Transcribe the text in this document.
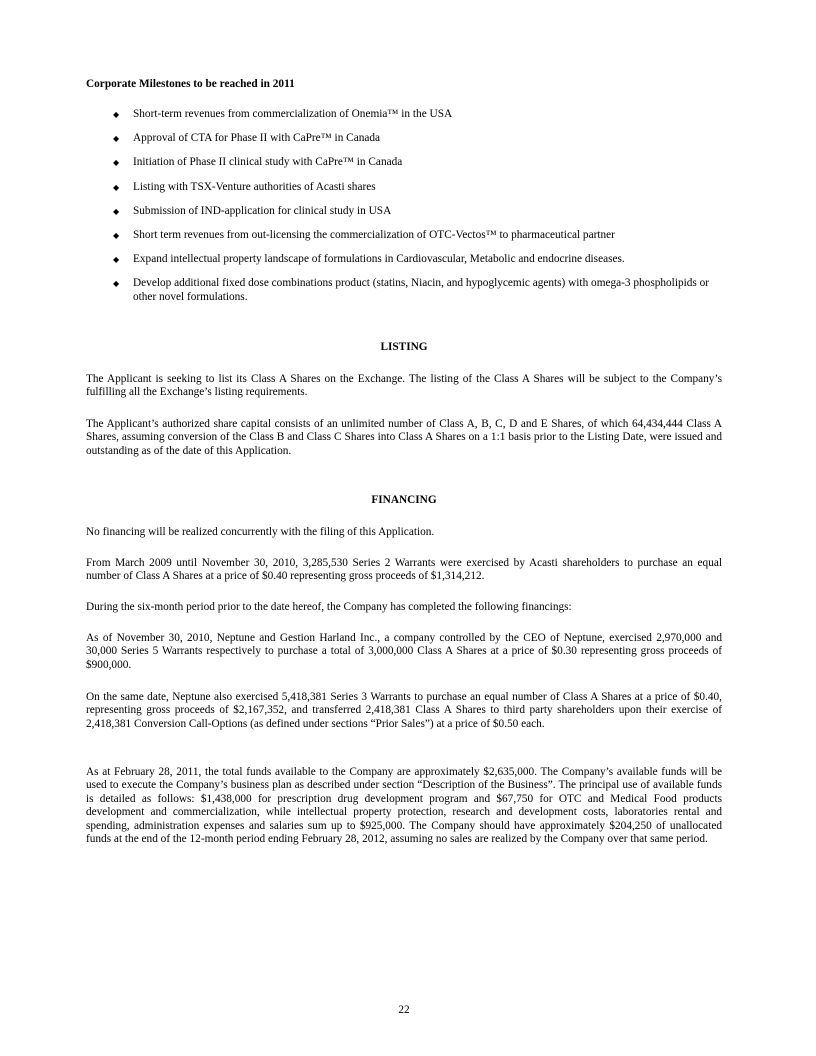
Corporate Milestones to be reached in 2011
◆ Short-term revenues from commercialization of Onemia™ in the USA
◆ Approval of CTA for Phase II with CaPre™ in Canada
◆ Initiation of Phase II clinical study with CaPre™ in Canada
◆ Listing with TSX-Venture authorities of Acasti shares
◆ Submission of IND-application for clinical study in USA
◆ Short term revenues from out-licensing the commercialization of OTC-Vectos™ to pharmaceutical partner
◆ Expand intellectual property landscape of formulations in Cardiovascular, Metabolic and endocrine diseases.
◆ Develop additional fixed dose combinations product (statins, Niacin, and hypoglycemic agents) with omega-3 phospholipids or other novel formulations.
LISTING

The Applicant is seeking to list its Class A Shares on the Exchange. The listing of the Class A Shares will be subject to the Company’s fulfilling all the Exchange’s listing requirements.

The Applicant’s authorized share capital consists of an unlimited number of Class A, B, C, D and E Shares, of which 64,434,444 Class A Shares, assuming conversion of the Class B and Class C Shares into Class A Shares on a 1:1 basis prior to the Listing Date, were issued and outstanding as of the date of this Application.

FINANCING

No financing will be realized concurrently with the filing of this Application.

From March 2009 until November 30, 2010, 3,285,530 Series 2 Warrants were exercised by Acasti shareholders to purchase an equal number of Class A Shares at a price of $0.40 representing gross proceeds of $1,314,212.

During the six-month period prior to the date hereof, the Company has completed the following financings:

As of November 30, 2010, Neptune and Gestion Harland Inc., a company controlled by the CEO of Neptune, exercised 2,970,000 and 30,000 Series 5 Warrants respectively to purchase a total of 3,000,000 Class A Shares at a price of $0.30 representing gross proceeds of $900,000.

On the same date, Neptune also exercised 5,418,381 Series 3 Warrants to purchase an equal number of Class A Shares at a price of $0.40, representing gross proceeds of $2,167,352, and transferred 2,418,381 Class A Shares to third party shareholders upon their exercise of 2,418,381 Conversion Call-Options (as defined under sections “Prior Sales”) at a price of $0.50 each.

As at February 28, 2011, the total funds available to the Company are approximately $2,635,000. The Company’s available funds will be used to execute the Company’s business plan as described under section “Description of the Business”. The principal use of available funds is detailed as follows: $1,438,000 for prescription drug development program and $67,750 for OTC and Medical Food products development and commercialization, while intellectual property protection, research and development costs, laboratories rental and spending, administration expenses and salaries sum up to $925,000. The Company should have approximately $204,250 of unallocated funds at the end of the 12-month period ending February 28, 2012, assuming no sales are realized by the Company over that same period.

22
